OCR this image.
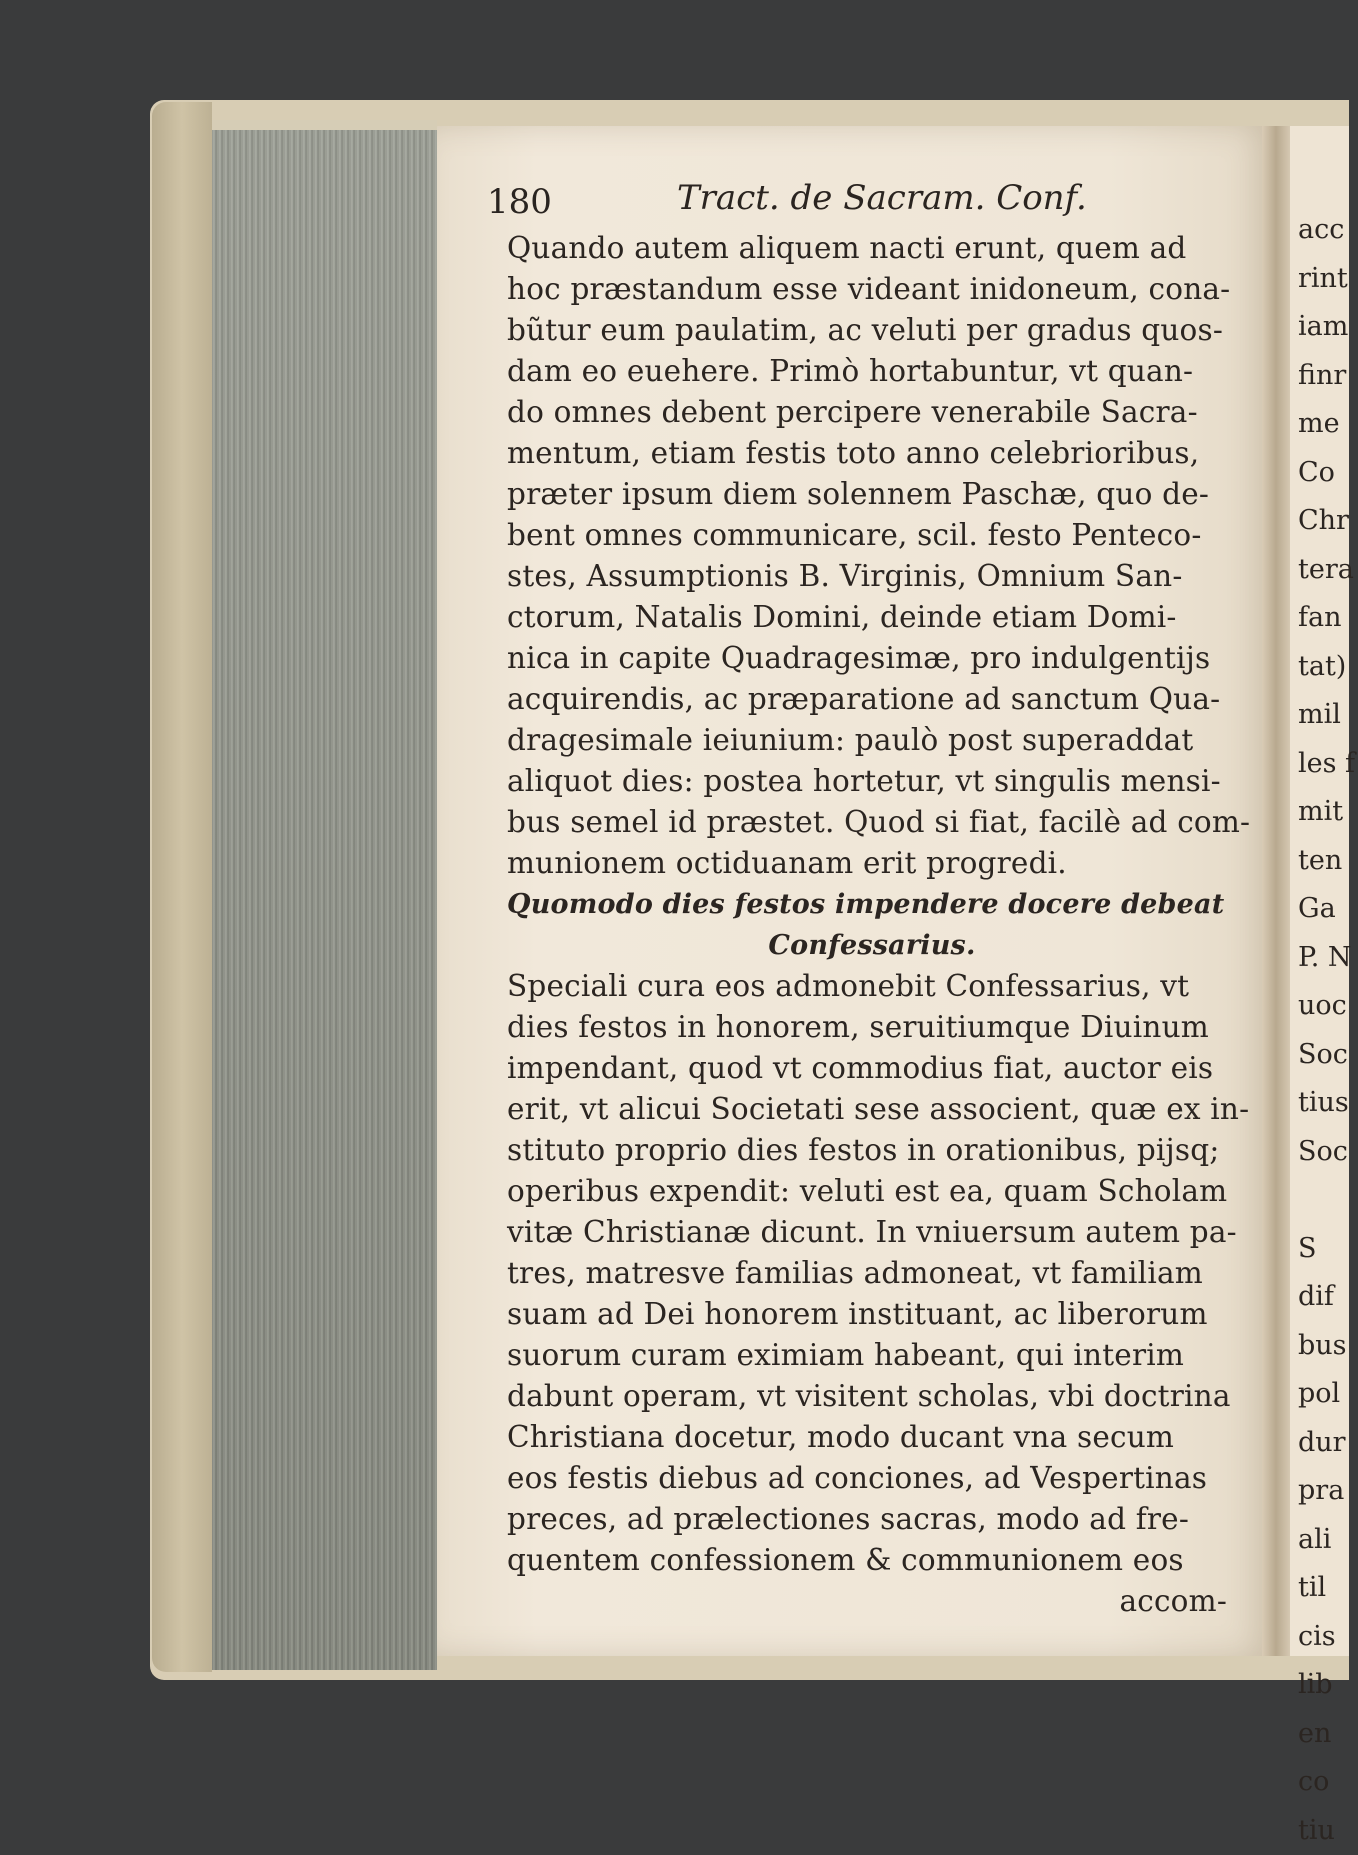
180	Tract. de Sacram. Conf.
Quando autem aliquem nacti erunt, quem ad
hoc præstandum esse videant inidoneum, cona-
bũtur eum paulatim, ac veluti per gradus quos-
dam eo euehere. Primò hortabuntur, vt quan-
do omnes debent percipere venerabile Sacra-
mentum, etiam festis toto anno celebrioribus,
præter ipsum diem solennem Paschæ, quo de-
bent omnes communicare, scil. festo Penteco-
stes, Assumptionis B. Virginis, Omnium San-
ctorum, Natalis Domini, deinde etiam Domi-
nica in capite Quadragesimæ, pro indulgentijs
acquirendis, ac præparatione ad sanctum Qua-
dragesimale ieiunium: paulò post superaddat
aliquot dies: postea hortetur, vt singulis mensi-
bus semel id præstet. Quod si fiat, facilè ad com-
munionem octiduanam erit progredi.
Quomodo dies festos impendere docere debeat
Confessarius.
Speciali cura eos admonebit Confessarius, vt
dies festos in honorem, seruitiumque Diuinum
impendant, quod vt commodius fiat, auctor eis
erit, vt alicui Societati sese associent, quæ ex in-
stituto proprio dies festos in orationibus, pijsq;
operibus expendit: veluti est ea, quam Scholam
vitæ Christianæ dicunt. In vniuersum autem pa-
tres, matresve familias admoneat, vt familiam
suam ad Dei honorem instituant, ac liberorum
suorum curam eximiam habeant, qui interim
dabunt operam, vt visitent scholas, vbi doctrina
Christiana docetur, modo ducant vna secum
eos festis diebus ad conciones, ad Vespertinas
preces, ad prælectiones sacras, modo ad fre-
quentem confessionem & communionem eos
accom-
acc
rint
iam
finr
me
Co
Chr
tera
fan
tat)
mil
les f
mit
ten
Ga
P. N
uoc
Soc
tius
Soc
S
dif
bus
pol
dur
pra
ali
til
cis
lib
en
co
tiu
